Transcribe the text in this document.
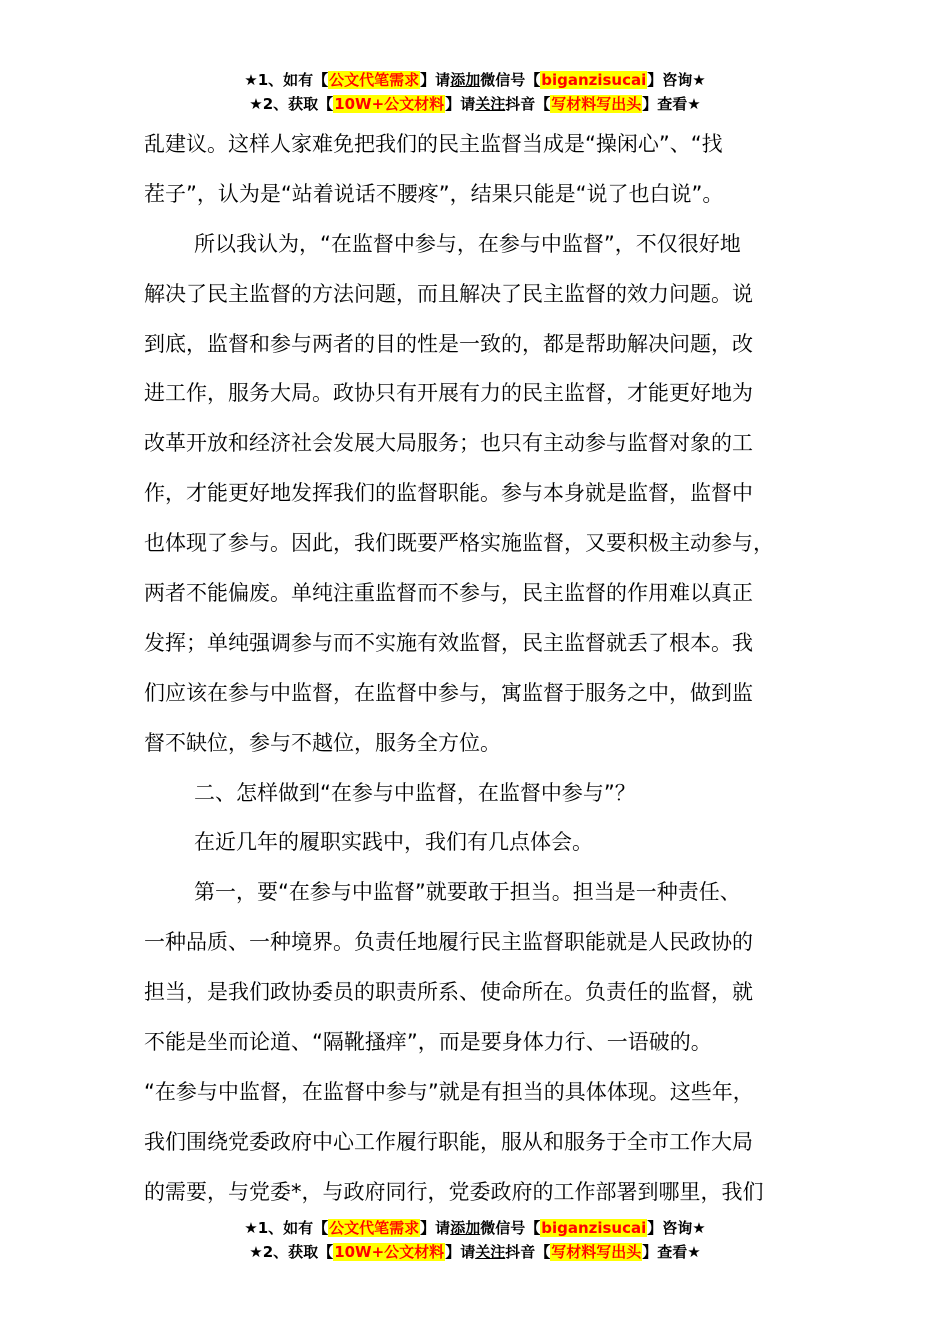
★1、如有【公文代笔需求】请添加微信号【biganzisucai】咨询★
★2、获取【10W+公文材料】请关注抖音【写材料写出头】查看★
乱建议。这样人家难免把我们的民主监督当成是“操闲心”、“找
茬子”，认为是“站着说话不腰疼”，结果只能是“说了也白说”。
所以我认为，“在监督中参与，在参与中监督”，不仅很好地
解决了民主监督的方法问题，而且解决了民主监督的效力问题。说
到底，监督和参与两者的目的性是一致的，都是帮助解决问题，改
进工作，服务大局。政协只有开展有力的民主监督，才能更好地为
改革开放和经济社会发展大局服务；也只有主动参与监督对象的工
作，才能更好地发挥我们的监督职能。参与本身就是监督，监督中
也体现了参与。因此，我们既要严格实施监督，又要积极主动参与，
两者不能偏废。单纯注重监督而不参与，民主监督的作用难以真正
发挥；单纯强调参与而不实施有效监督，民主监督就丢了根本。我
们应该在参与中监督，在监督中参与，寓监督于服务之中，做到监
督不缺位，参与不越位，服务全方位。
二、怎样做到“在参与中监督，在监督中参与”？
在近几年的履职实践中，我们有几点体会。
第一，要“在参与中监督”就要敢于担当。担当是一种责任、
一种品质、一种境界。负责任地履行民主监督职能就是人民政协的
担当，是我们政协委员的职责所系、使命所在。负责任的监督，就
不能是坐而论道、“隔靴搔痒”，而是要身体力行、一语破的。
“在参与中监督，在监督中参与”就是有担当的具体体现。这些年，
我们围绕党委政府中心工作履行职能，服从和服务于全市工作大局
的需要，与党委*，与政府同行，党委政府的工作部署到哪里，我们
★1、如有【公文代笔需求】请添加微信号【biganzisucai】咨询★
★2、获取【10W+公文材料】请关注抖音【写材料写出头】查看★
